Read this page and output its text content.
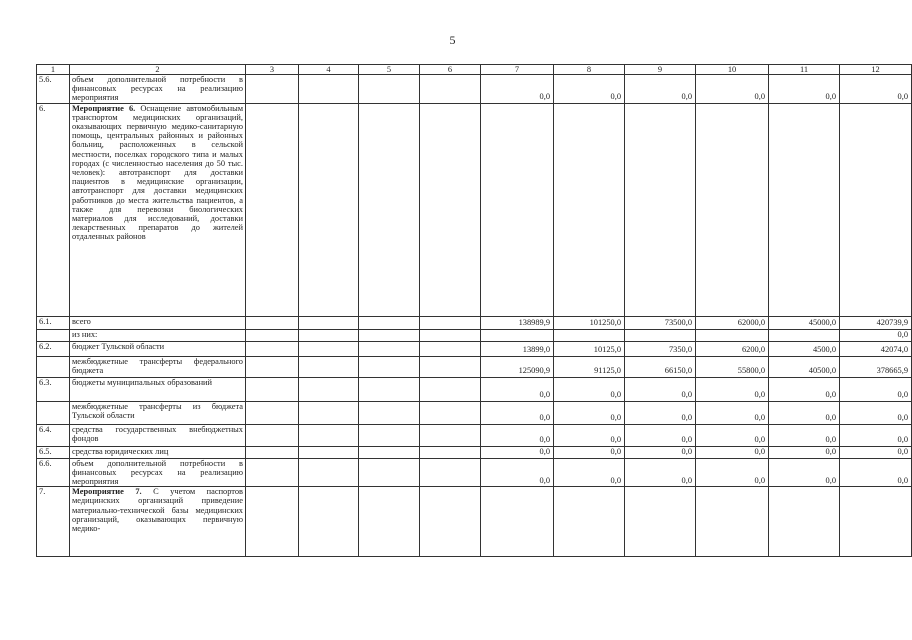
5
1	2	3	4	5	6	7	8	9	10	11	12
5.6.	объем дополнительной потребности в финансовых ресурсах на реализацию мероприятия					0,0	0,0	0,0	0,0	0,0	0,0
6.	Мероприятие 6. Оснащение автомобильным транспортом медицинских организаций, оказывающих первичную медико-санитарную помощь, центральных районных и районных больниц, расположенных в сельской местности, поселках городского типа и малых городах (с численностью населения до 50 тыс. человек): автотранспорт для доставки пациентов в медицинские организации, автотранспорт для доставки медицинских работников до места жительства пациентов, а также для перевозки биологических материалов для исследований, доставки лекарственных препаратов до жителей отдаленных районов										
6.1.	всего					138989,9	101250,0	73500,0	62000,0	45000,0	420739,9
	из них:										0,0
6.2.	бюджет Тульской области					13899,0	10125,0	7350,0	6200,0	4500,0	42074,0
	межбюджетные трансферты федерального бюджета					125090,9	91125,0	66150,0	55800,0	40500,0	378665,9
6.3.	бюджеты муниципальных образований					0,0	0,0	0,0	0,0	0,0	0,0
	межбюджетные трансферты из бюджета Тульской области					0,0	0,0	0,0	0,0	0,0	0,0
6.4.	средства государственных внебюджетных фондов					0,0	0,0	0,0	0,0	0,0	0,0
6.5.	средства юридических лиц					0,0	0,0	0,0	0,0	0,0	0,0
6.6.	объем дополнительной потребности в финансовых ресурсах на реализацию мероприятия					0,0	0,0	0,0	0,0	0,0	0,0
7.	Мероприятие 7. С учетом паспортов медицинских организаций приведение материально-технической базы медицинских организаций, оказывающих первичную медико-										
